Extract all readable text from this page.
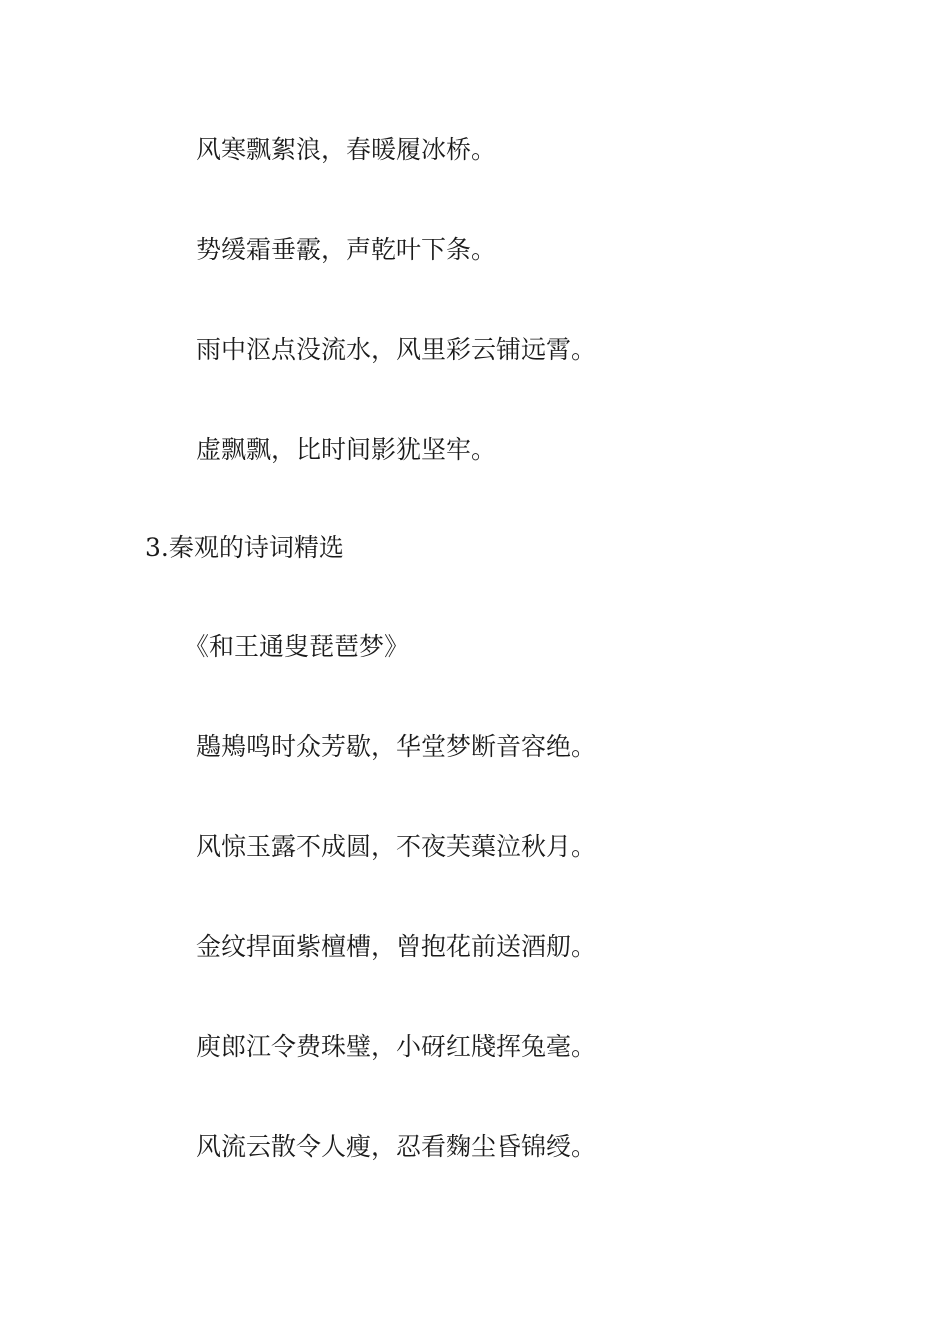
风寒飘絮浪，春暖履冰桥。
势缓霜垂霰，声乾叶下条。
雨中沤点没流水，风里彩云铺远霄。
虚飘飘，比时间影犹坚牢。
3.秦观的诗词精选
《和王通叟琵琶梦》
鶗鴂鸣时众芳歇，华堂梦断音容绝。
风惊玉露不成圆，不夜芙蕖泣秋月。
金纹捍面紫檀槽，曾抱花前送酒舠。
庾郎江令费珠璧，小砑红牋挥兔毫。
风流云散令人瘦，忍看麴尘昏锦绶。
